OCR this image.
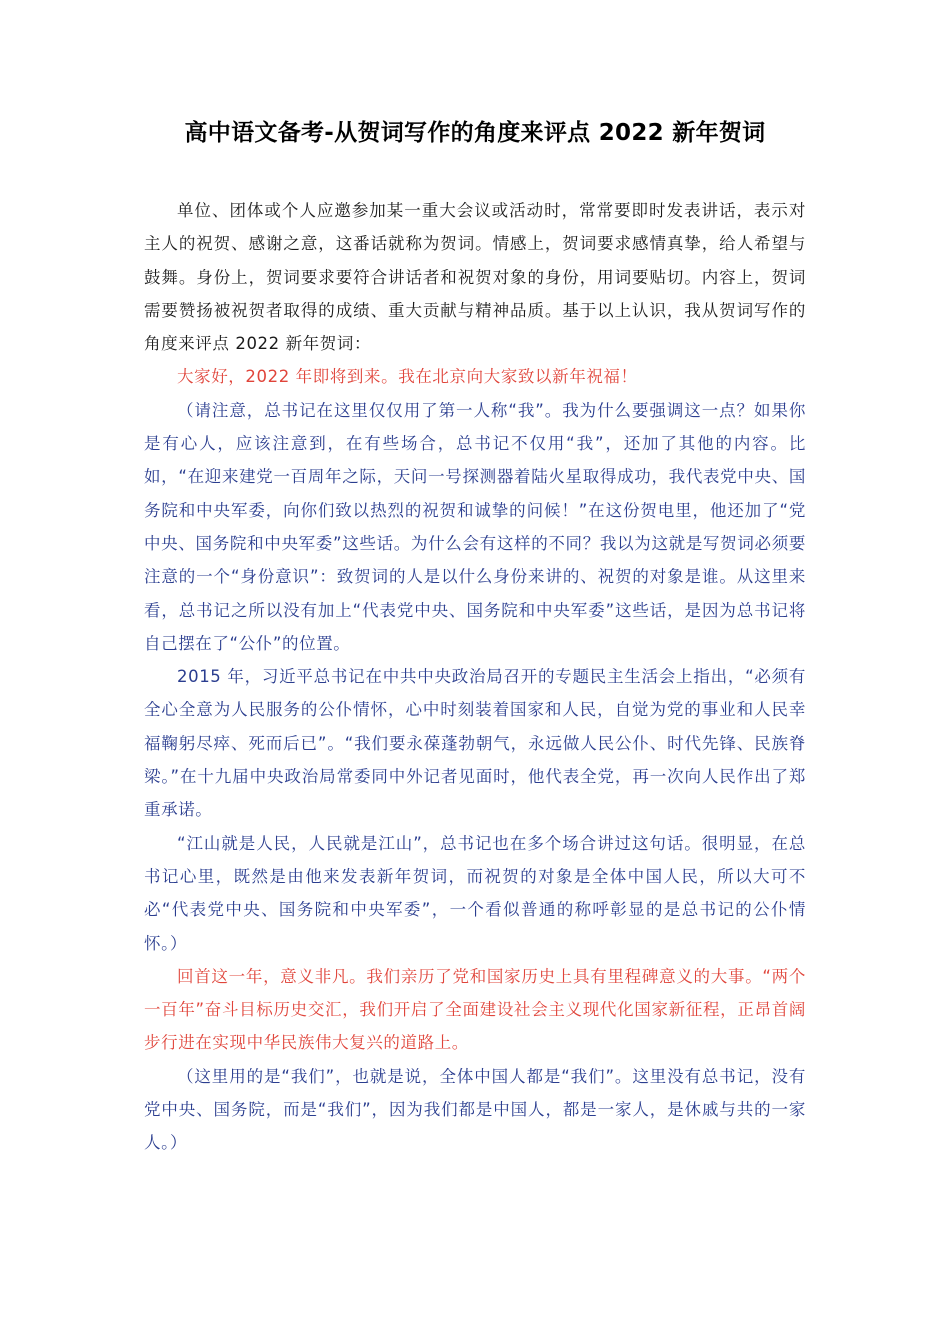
高中语文备考-从贺词写作的角度来评点 2022 新年贺词

单位、团体或个人应邀参加某一重大会议或活动时，常常要即时发表讲话，表示对主人的祝贺、感谢之意，这番话就称为贺词。情感上，贺词要求感情真挚，给人希望与鼓舞。身份上，贺词要求要符合讲话者和祝贺对象的身份，用词要贴切。内容上，贺词需要赞扬被祝贺者取得的成绩、重大贡献与精神品质。基于以上认识，我从贺词写作的角度来评点 2022 新年贺词：

大家好，2022 年即将到来。我在北京向大家致以新年祝福！

（请注意，总书记在这里仅仅用了第一人称“我”。我为什么要强调这一点？如果你是有心人，应该注意到，在有些场合，总书记不仅用“我”，还加了其他的内容。比如，“在迎来建党一百周年之际，天问一号探测器着陆火星取得成功，我代表党中央、国务院和中央军委，向你们致以热烈的祝贺和诚挚的问候！”在这份贺电里，他还加了“党中央、国务院和中央军委”这些话。为什么会有这样的不同？我以为这就是写贺词必须要注意的一个“身份意识”：致贺词的人是以什么身份来讲的、祝贺的对象是谁。从这里来看，总书记之所以没有加上“代表党中央、国务院和中央军委”这些话，是因为总书记将自己摆在了“公仆”的位置。

2015 年，习近平总书记在中共中央政治局召开的专题民主生活会上指出，“必须有全心全意为人民服务的公仆情怀，心中时刻装着国家和人民，自觉为党的事业和人民幸福鞠躬尽瘁、死而后已”。“我们要永葆蓬勃朝气，永远做人民公仆、时代先锋、民族脊梁。”在十九届中央政治局常委同中外记者见面时，他代表全党，再一次向人民作出了郑重承诺。

“江山就是人民，人民就是江山”，总书记也在多个场合讲过这句话。很明显，在总书记心里，既然是由他来发表新年贺词，而祝贺的对象是全体中国人民，所以大可不必“代表党中央、国务院和中央军委”，一个看似普通的称呼彰显的是总书记的公仆情怀。）

回首这一年，意义非凡。我们亲历了党和国家历史上具有里程碑意义的大事。“两个一百年”奋斗目标历史交汇，我们开启了全面建设社会主义现代化国家新征程，正昂首阔步行进在实现中华民族伟大复兴的道路上。

（这里用的是“我们”，也就是说，全体中国人都是“我们”。这里没有总书记，没有党中央、国务院，而是“我们”，因为我们都是中国人，都是一家人，是休戚与共的一家人。）
